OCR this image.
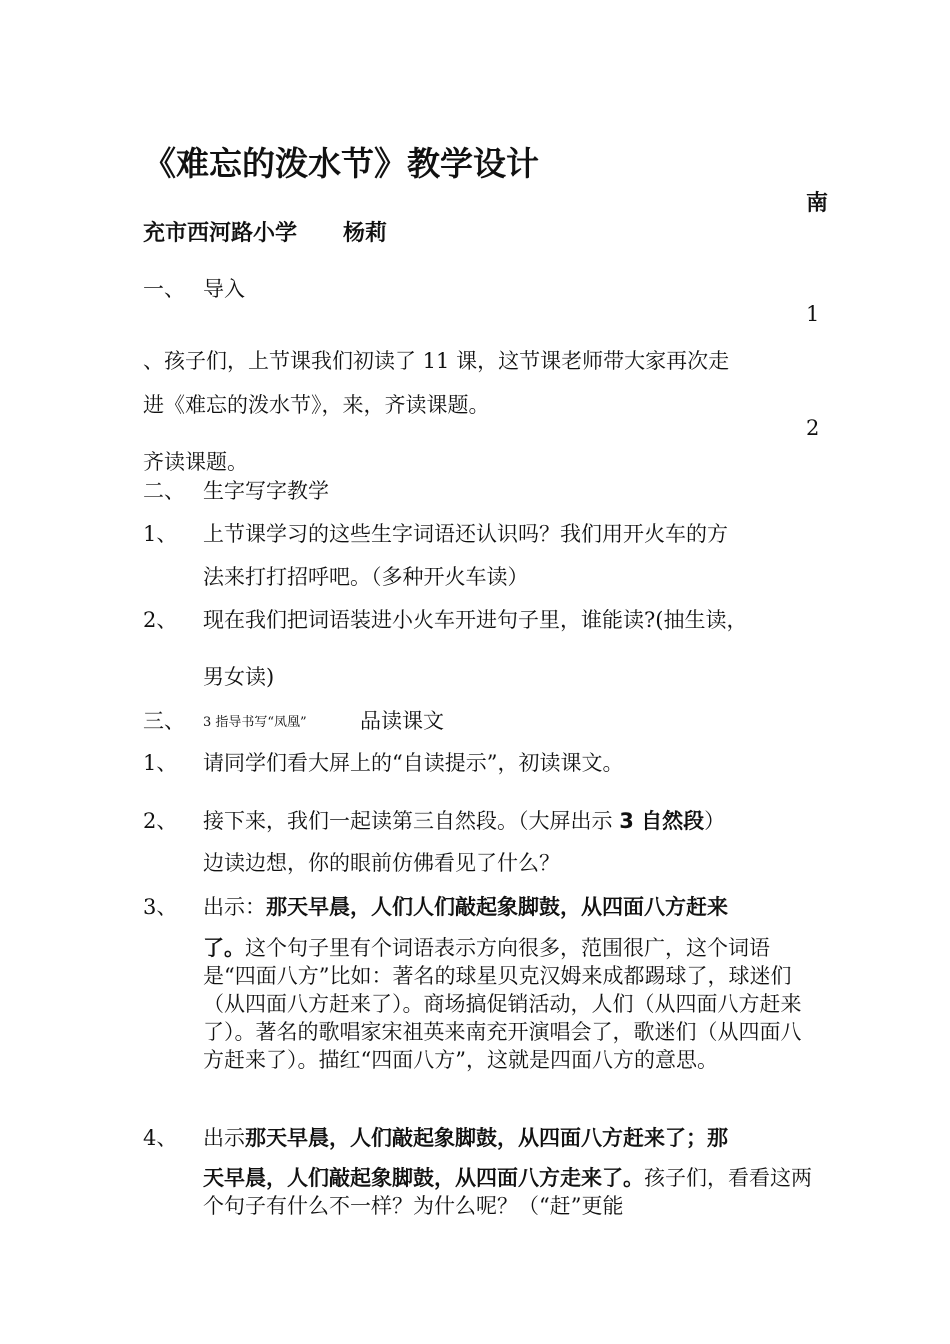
《难忘的泼水节》教学设计
南
充市西河路小学      杨莉
一、 导入
1
、孩子们，上节课我们初读了 11 课，这节课老师带大家再次走
进《难忘的泼水节》，来，齐读课题。
2
齐读课题。
二、 生字写字教学
1、 上节课学习的这些生字词语还认识吗？我们用开火车的方
法来打打招呼吧。（多种开火车读）
2、 现在我们把词语装进小火车开进句子里，谁能读?(抽生读，
男女读)
三、 3 指导书写“凤凰”	品读课文
1、 请同学们看大屏上的“自读提示”，初读课文。
2、 接下来，我们一起读第三自然段。（大屏出示 3 自然段）
边读边想，你的眼前仿佛看见了什么？
3、 出示：那天早晨，人们人们敲起象脚鼓，从四面八方赶来
了。这个句子里有个词语表示方向很多，范围很广，这个词语是“四面八方”比如：著名的球星贝克汉姆来成都踢球了，球迷们（从四面八方赶来了）。商场搞促销活动，人们（从四面八方赶来了）。著名的歌唱家宋祖英来南充开演唱会了，歌迷们（从四面八方赶来了）。描红“四面八方”，这就是四面八方的意思。
4、 出示那天早晨，人们敲起象脚鼓，从四面八方赶来了；那
天早晨，人们敲起象脚鼓，从四面八方走来了。孩子们，看看这两个句子有什么不一样？为什么呢？（“赶”更能
